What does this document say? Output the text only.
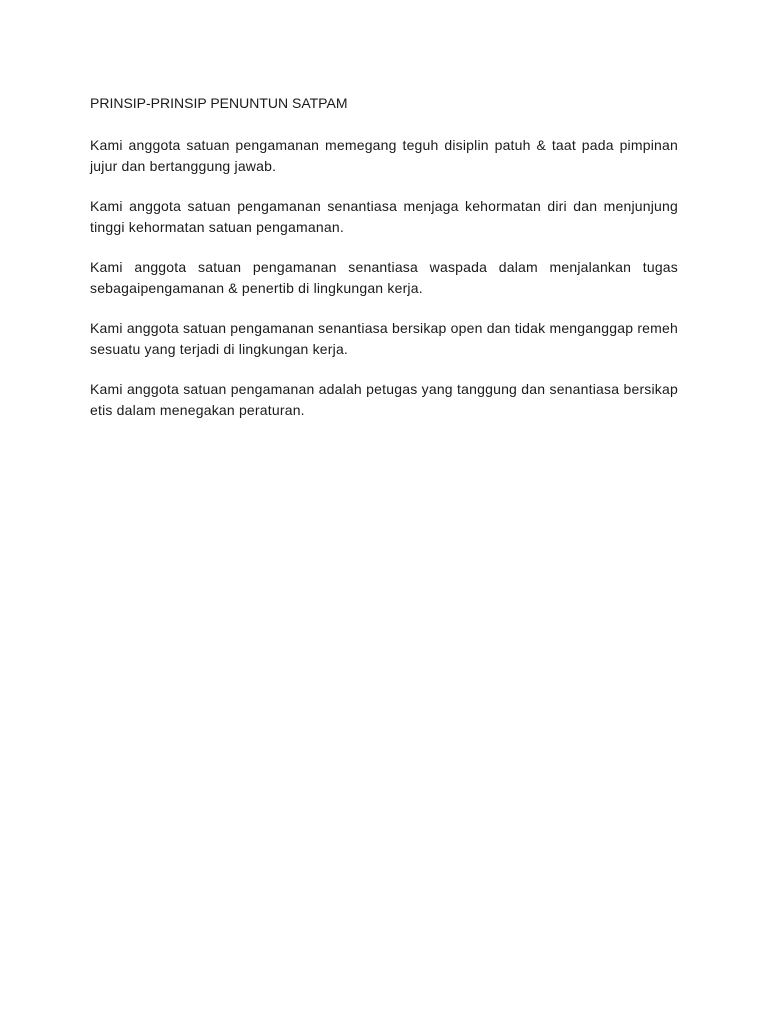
PRINSIP-PRINSIP PENUNTUN SATPAM

Kami anggota satuan pengamanan memegang teguh disiplin patuh & taat pada pimpinan jujur dan bertanggung jawab.

Kami anggota satuan pengamanan senantiasa menjaga kehormatan diri dan menjunjung tinggi kehormatan satuan pengamanan.

Kami anggota satuan pengamanan senantiasa waspada dalam menjalankan tugas sebagaipengamanan & penertib di lingkungan kerja.

Kami anggota satuan pengamanan senantiasa bersikap open dan tidak menganggap remeh sesuatu yang terjadi di lingkungan kerja.

Kami anggota satuan pengamanan adalah petugas yang tanggung dan senantiasa bersikap etis dalam menegakan peraturan.
